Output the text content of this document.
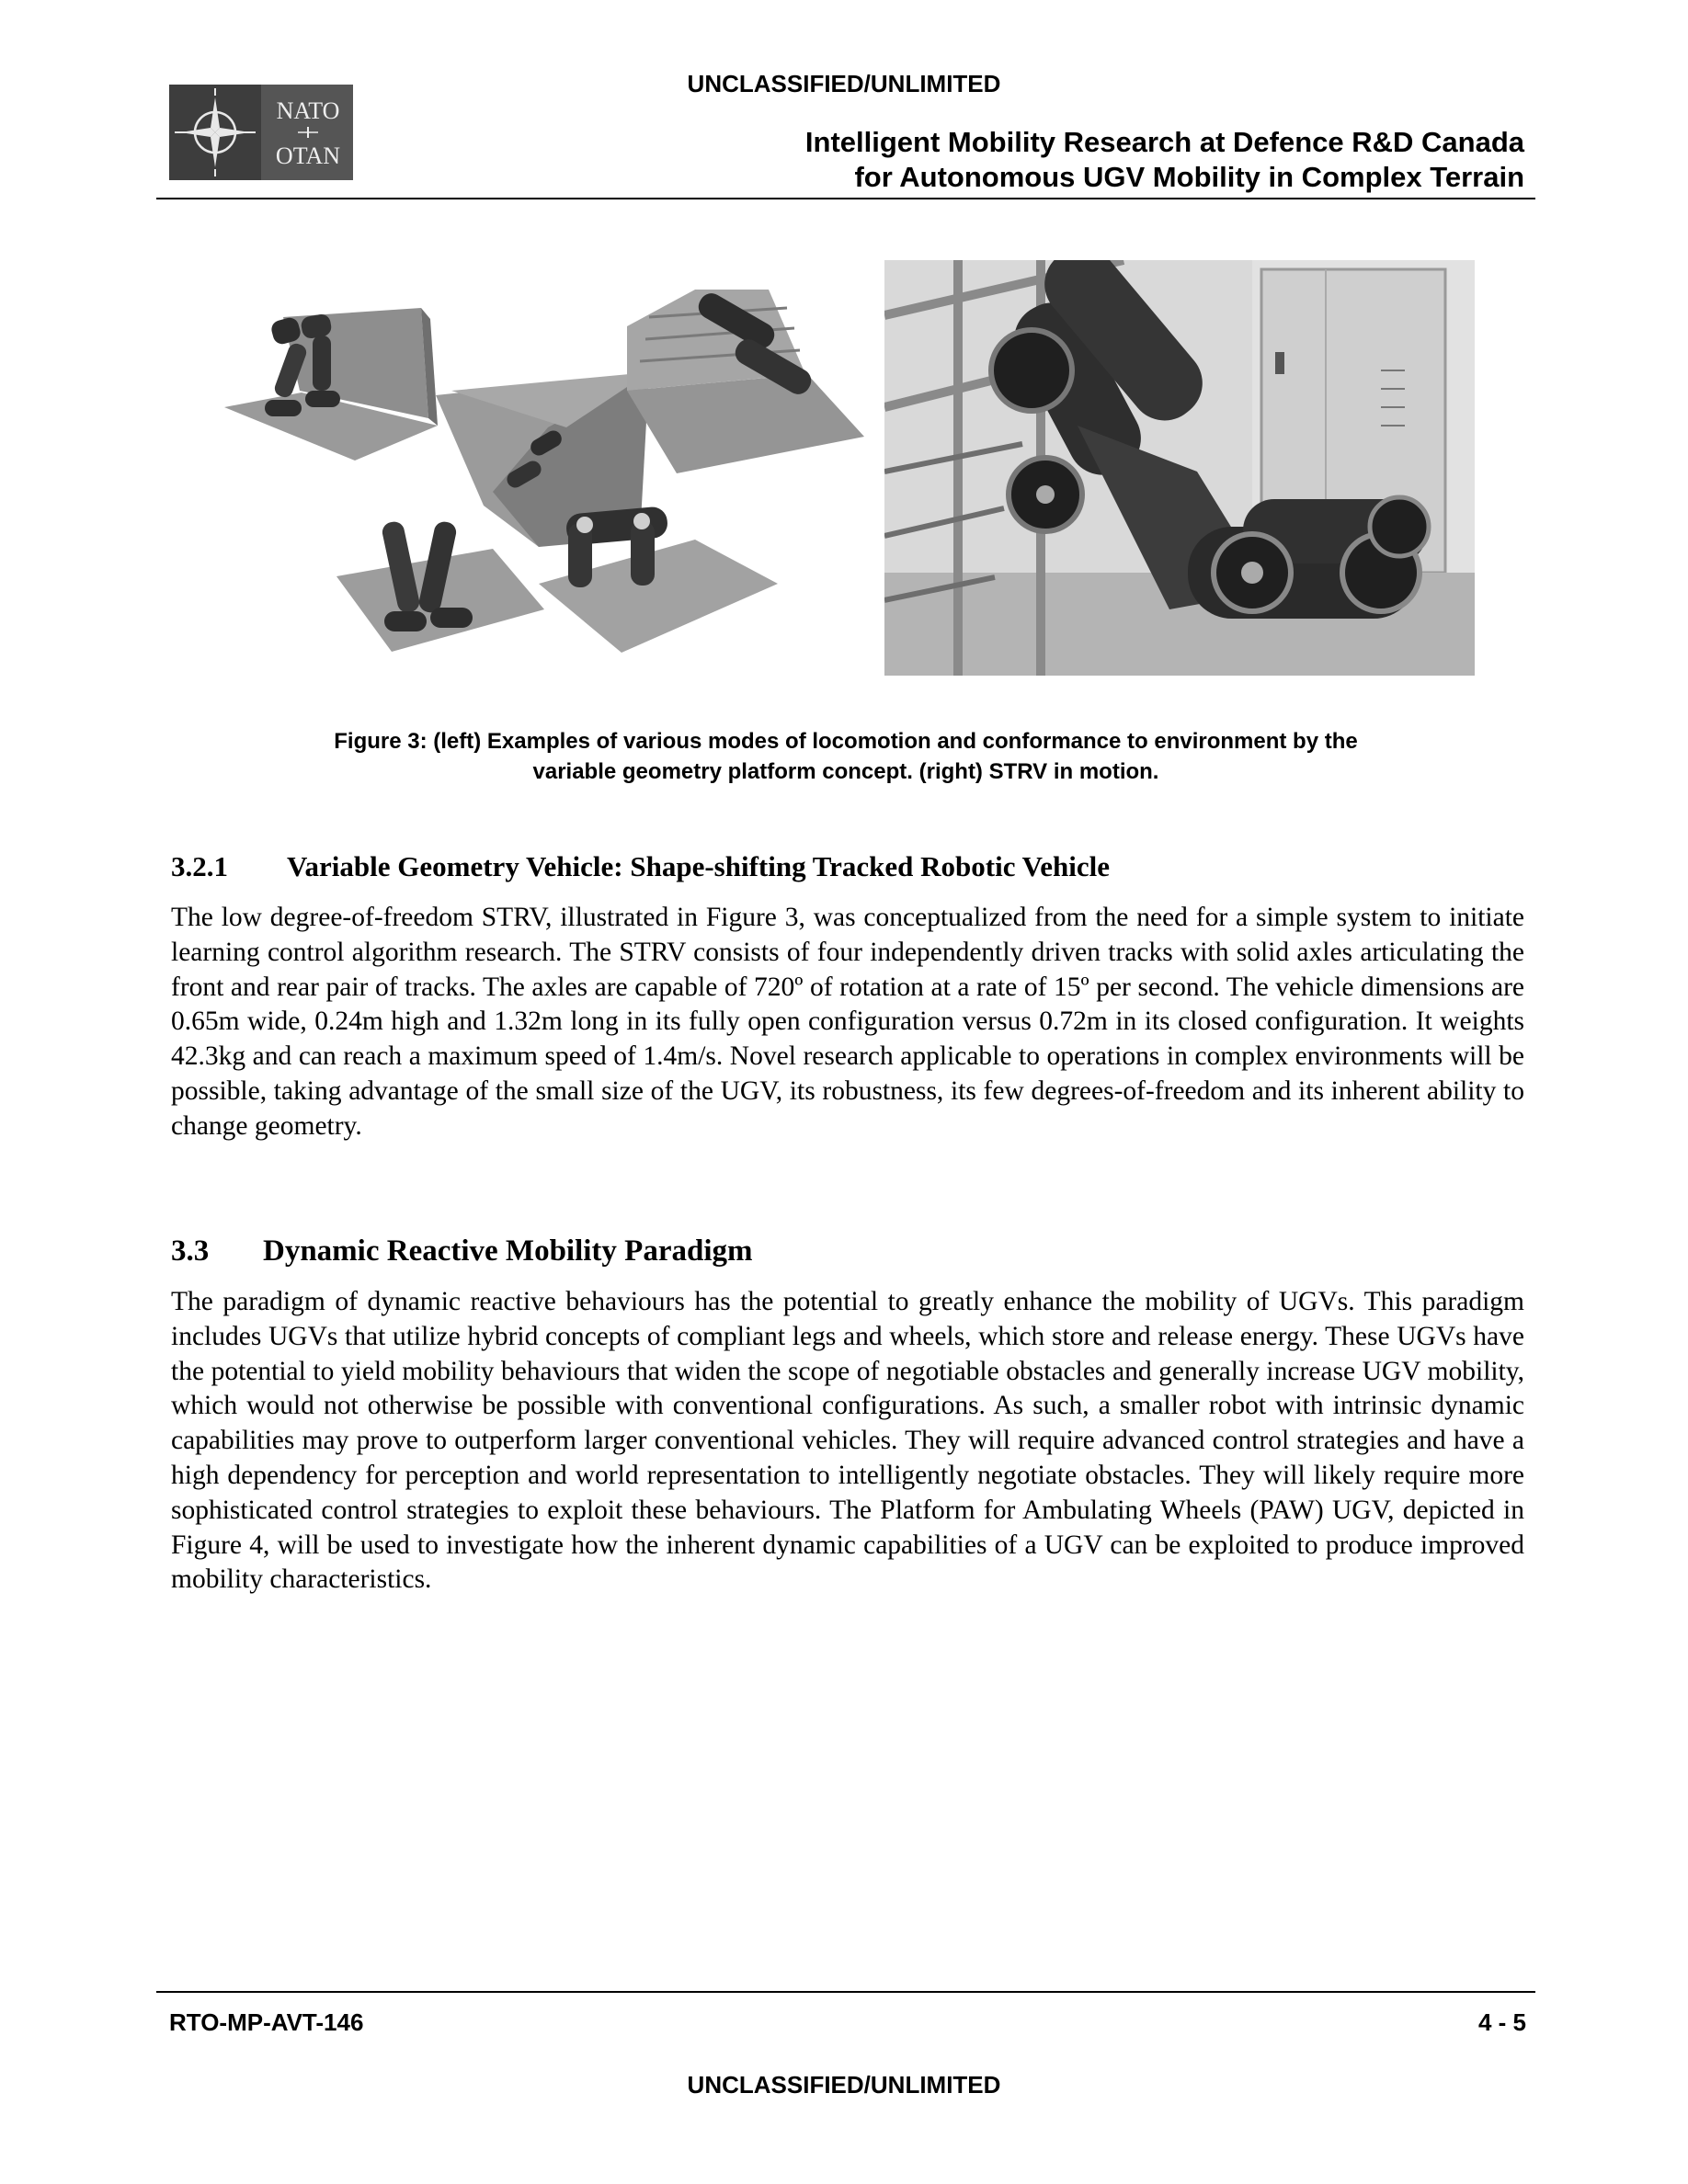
UNCLASSIFIED/UNLIMITED
NATO
OTAN	Intelligent Mobility Research at Defence R&D Canada
for Autonomous UGV Mobility in Complex Terrain
Figure 3: (left) Examples of various modes of locomotion and conformance to environment by the
variable geometry platform concept. (right) STRV in motion.
3.2.1 Variable Geometry Vehicle: Shape-shifting Tracked Robotic Vehicle

The low degree-of-freedom STRV, illustrated in Figure 3, was conceptualized from the need for a simple system to initiate learning control algorithm research. The STRV consists of four independently driven tracks with solid axles articulating the front and rear pair of tracks. The axles are capable of 720º of rotation at a rate of 15º per second. The vehicle dimensions are 0.65m wide, 0.24m high and 1.32m long in its fully open configuration versus 0.72m in its closed configuration. It weights 42.3kg and can reach a maximum speed of 1.4m/s. Novel research applicable to operations in complex environments will be possible, taking advantage of the small size of the UGV, its robustness, its few degrees-of-freedom and its inherent ability to change geometry.

3.3 Dynamic Reactive Mobility Paradigm

The paradigm of dynamic reactive behaviours has the potential to greatly enhance the mobility of UGVs. This paradigm includes UGVs that utilize hybrid concepts of compliant legs and wheels, which store and release energy. These UGVs have the potential to yield mobility behaviours that widen the scope of negotiable obstacles and generally increase UGV mobility, which would not otherwise be possible with conventional configurations. As such, a smaller robot with intrinsic dynamic capabilities may prove to outperform larger conventional vehicles. They will require advanced control strategies and have a high dependency for perception and world representation to intelligently negotiate obstacles. They will likely require more sophisticated control strategies to exploit these behaviours. The Platform for Ambulating Wheels (PAW) UGV, depicted in Figure 4, will be used to investigate how the inherent dynamic capabilities of a UGV can be exploited to produce improved mobility characteristics.

RTO-MP-AVT-146	4 - 5
UNCLASSIFIED/UNLIMITED
